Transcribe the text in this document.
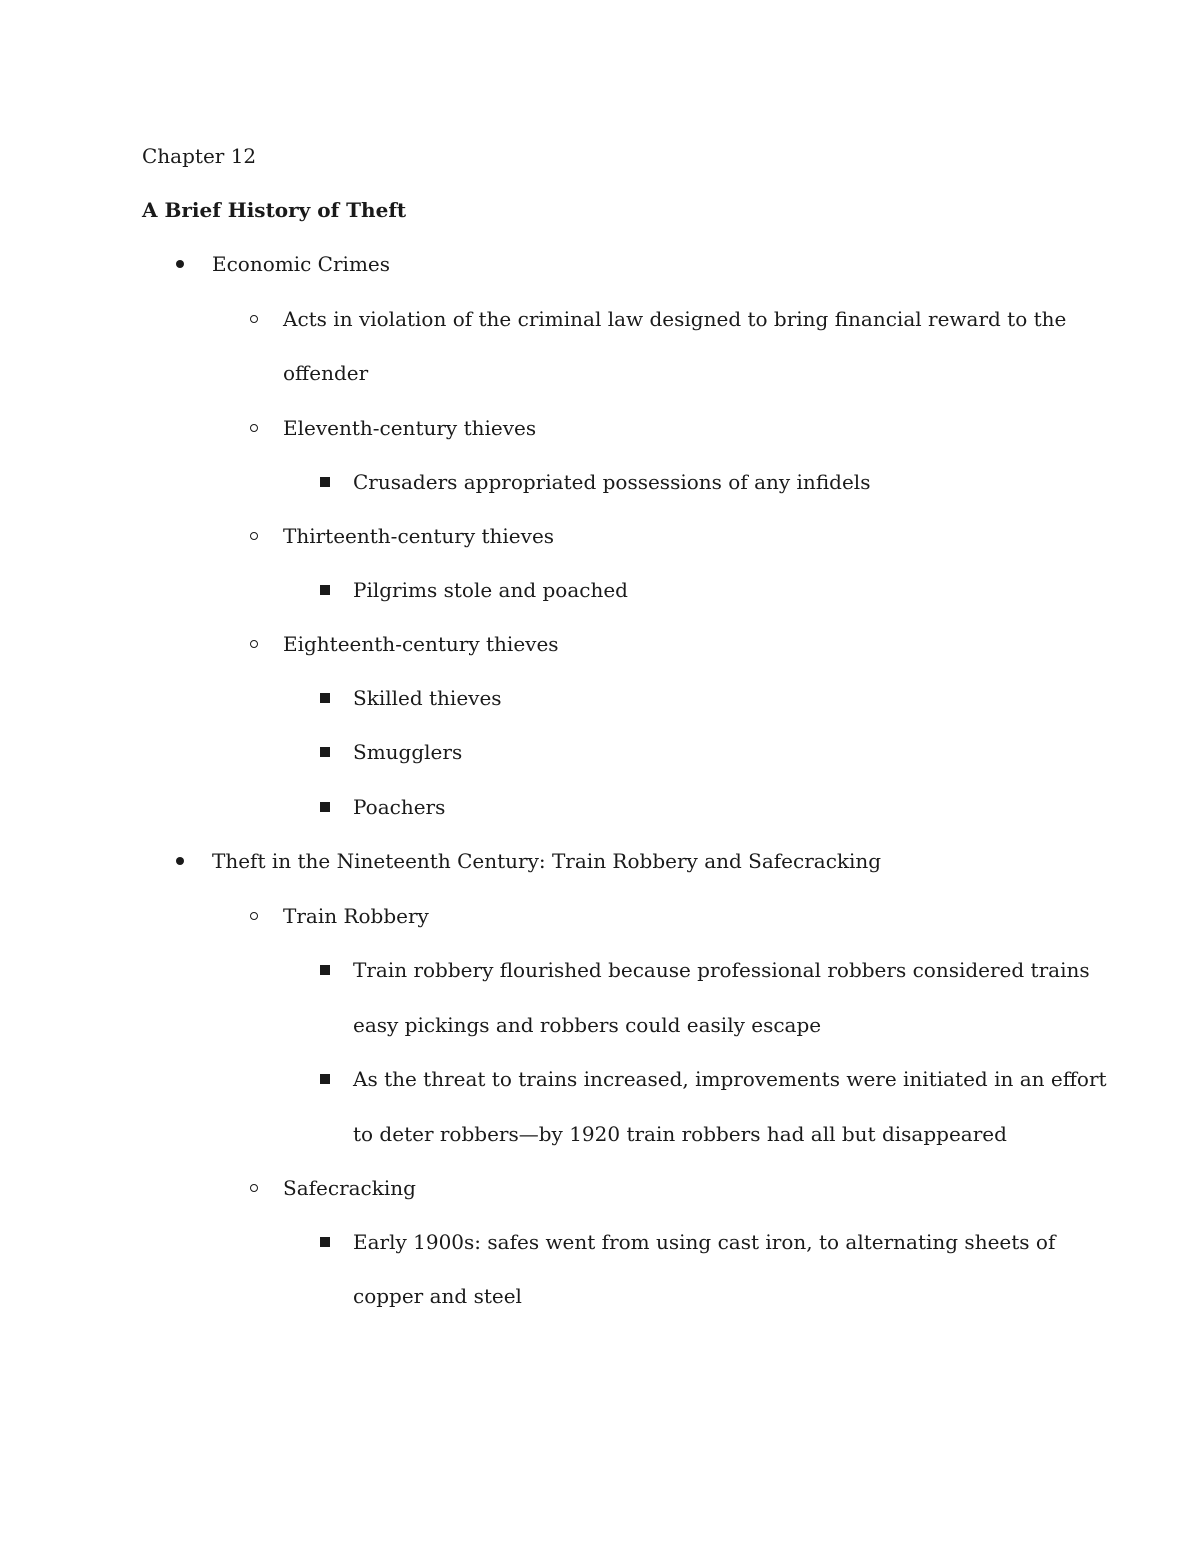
Chapter 12
A Brief History of Theft
Economic Crimes
Acts in violation of the criminal law designed to bring financial reward to the
offender
Eleventh-century thieves
Crusaders appropriated possessions of any infidels
Thirteenth-century thieves
Pilgrims stole and poached
Eighteenth-century thieves
Skilled thieves
Smugglers
Poachers
Theft in the Nineteenth Century: Train Robbery and Safecracking
Train Robbery
Train robbery flourished because professional robbers considered trains
easy pickings and robbers could easily escape
As the threat to trains increased, improvements were initiated in an effort
to deter robbers—by 1920 train robbers had all but disappeared
Safecracking
Early 1900s: safes went from using cast iron, to alternating sheets of
copper and steel
